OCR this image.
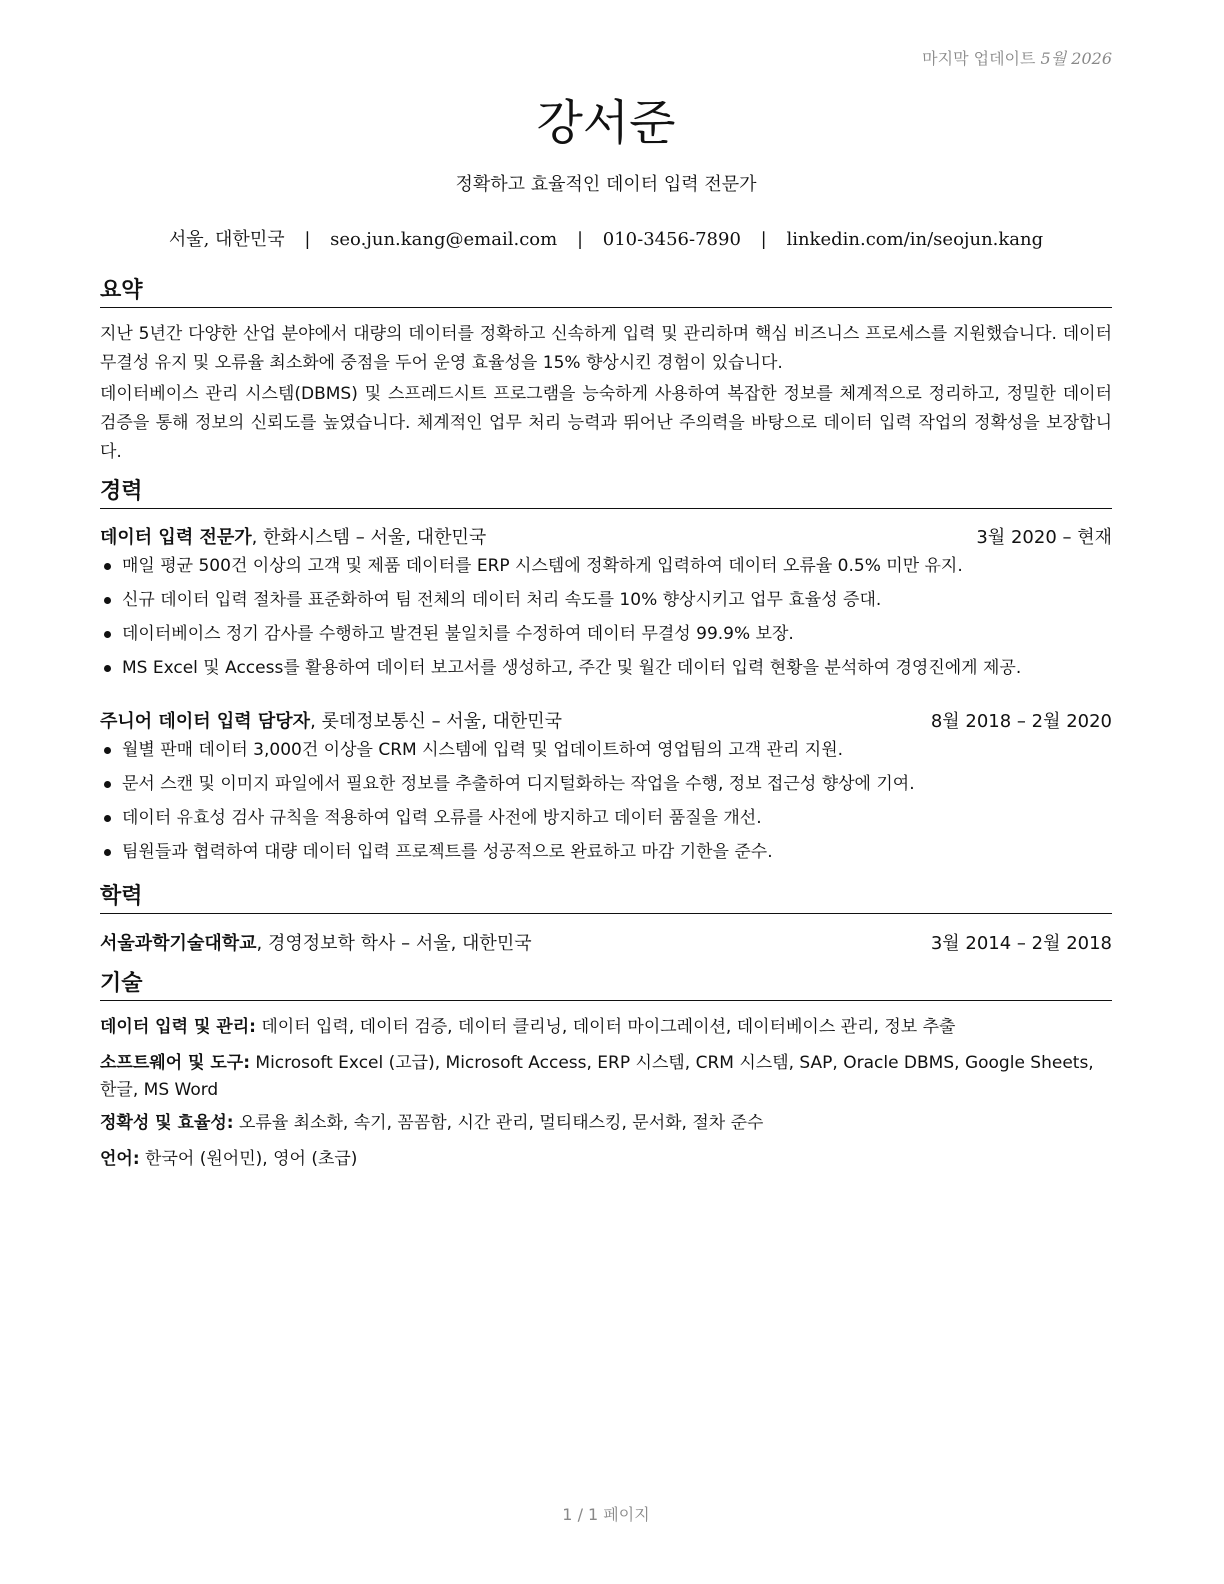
마지막 업데이트 5월 2026
강서준
정확하고 효율적인 데이터 입력 전문가
서울, 대한민국 | seo.jun.kang@email.com | 010-3456-7890 | linkedin.com/in/seojun.kang
요약

지난 5년간 다양한 산업 분야에서 대량의 데이터를 정확하고 신속하게 입력 및 관리하며 핵심 비즈니스 프로세스를 지원했습니다. 데이터 무결성 유지 및 오류율 최소화에 중점을 두어 운영 효율성을 15% 향상시킨 경험이 있습니다.

데이터베이스 관리 시스템(DBMS) 및 스프레드시트 프로그램을 능숙하게 사용하여 복잡한 정보를 체계적으로 정리하고, 정밀한 데이터 검증을 통해 정보의 신뢰도를 높였습니다. 체계적인 업무 처리 능력과 뛰어난 주의력을 바탕으로 데이터 입력 작업의 정확성을 보장합니다.

경력
데이터 입력 전문가, 한화시스템 – 서울, 대한민국	3월 2020 – 현재
매일 평균 500건 이상의 고객 및 제품 데이터를 ERP 시스템에 정확하게 입력하여 데이터 오류율 0.5% 미만 유지.
신규 데이터 입력 절차를 표준화하여 팀 전체의 데이터 처리 속도를 10% 향상시키고 업무 효율성 증대.
데이터베이스 정기 감사를 수행하고 발견된 불일치를 수정하여 데이터 무결성 99.9% 보장.
MS Excel 및 Access를 활용하여 데이터 보고서를 생성하고, 주간 및 월간 데이터 입력 현황을 분석하여 경영진에게 제공.
주니어 데이터 입력 담당자, 롯데정보통신 – 서울, 대한민국	8월 2018 – 2월 2020
월별 판매 데이터 3,000건 이상을 CRM 시스템에 입력 및 업데이트하여 영업팀의 고객 관리 지원.
문서 스캔 및 이미지 파일에서 필요한 정보를 추출하여 디지털화하는 작업을 수행, 정보 접근성 향상에 기여.
데이터 유효성 검사 규칙을 적용하여 입력 오류를 사전에 방지하고 데이터 품질을 개선.
팀원들과 협력하여 대량 데이터 입력 프로젝트를 성공적으로 완료하고 마감 기한을 준수.
학력
서울과학기술대학교, 경영정보학 학사 – 서울, 대한민국	3월 2014 – 2월 2018
기술
데이터 입력 및 관리: 데이터 입력, 데이터 검증, 데이터 클리닝, 데이터 마이그레이션, 데이터베이스 관리, 정보 추출
소프트웨어 및 도구: Microsoft Excel (고급), Microsoft Access, ERP 시스템, CRM 시스템, SAP, Oracle DBMS, Google Sheets, 한글, MS Word
정확성 및 효율성: 오류율 최소화, 속기, 꼼꼼함, 시간 관리, 멀티태스킹, 문서화, 절차 준수
언어: 한국어 (원어민), 영어 (초급)
1 / 1 페이지
